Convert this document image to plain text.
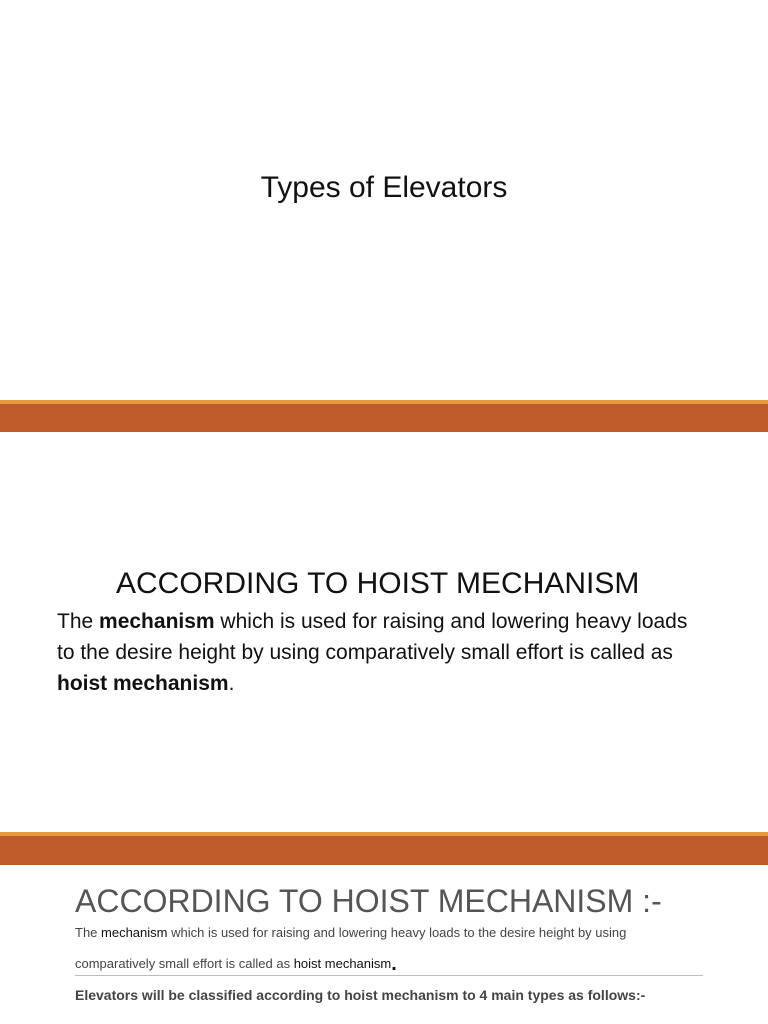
Types of Elevators
ACCORDING TO HOIST MECHANISM

The mechanism which is used for raising and lowering heavy loads to the desire height by using comparatively small effort is called as hoist mechanism.

ACCORDING TO HOIST MECHANISM :-

The mechanism which is used for raising and lowering heavy loads to the desire height by using comparatively small effort is called as hoist mechanism.

Elevators will be classified according to hoist mechanism to 4 main types as follows:-
